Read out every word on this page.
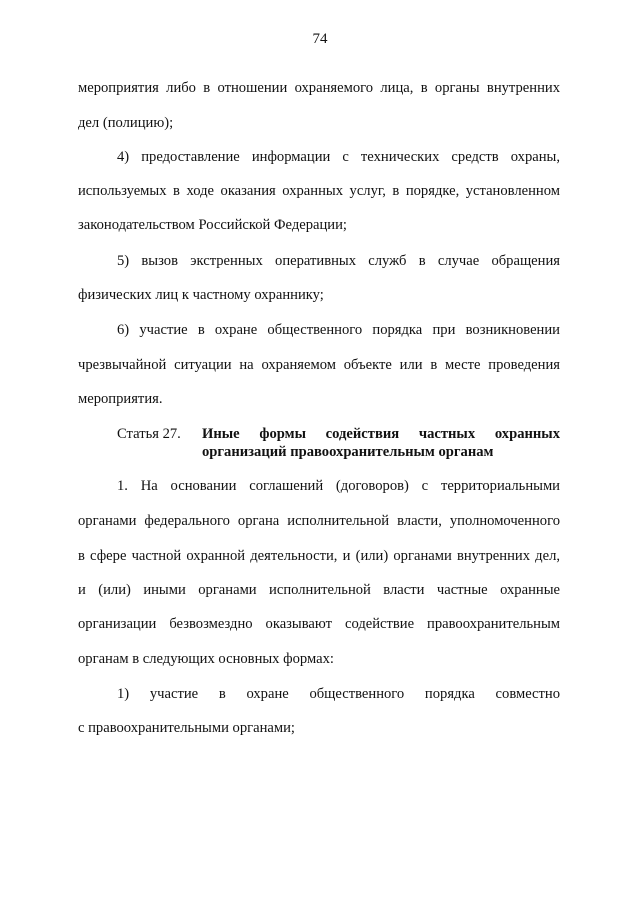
74
мероприятия либо в отношении охраняемого лица, в органы внутренних
дел (полицию);
4) предоставление информации с технических средств охраны,
используемых в ходе оказания охранных услуг, в порядке, установленном
законодательством Российской Федерации;
5) вызов экстренных оперативных служб в случае обращения
физических лиц к частному охраннику;
6) участие в охране общественного порядка при возникновении
чрезвычайной ситуации на охраняемом объекте или в месте проведения
мероприятия.
Статья 27.	Иные формы содействия частных охранных
организаций правоохранительным органам
1. На основании соглашений (договоров) с территориальными
органами федерального органа исполнительной власти, уполномоченного
в сфере частной охранной деятельности, и (или) органами внутренних дел,
и (или) иными органами исполнительной власти частные охранные
организации безвозмездно оказывают содействие правоохранительным
органам в следующих основных формах:
1) участие в охране общественного порядка совместно
с правоохранительными органами;
